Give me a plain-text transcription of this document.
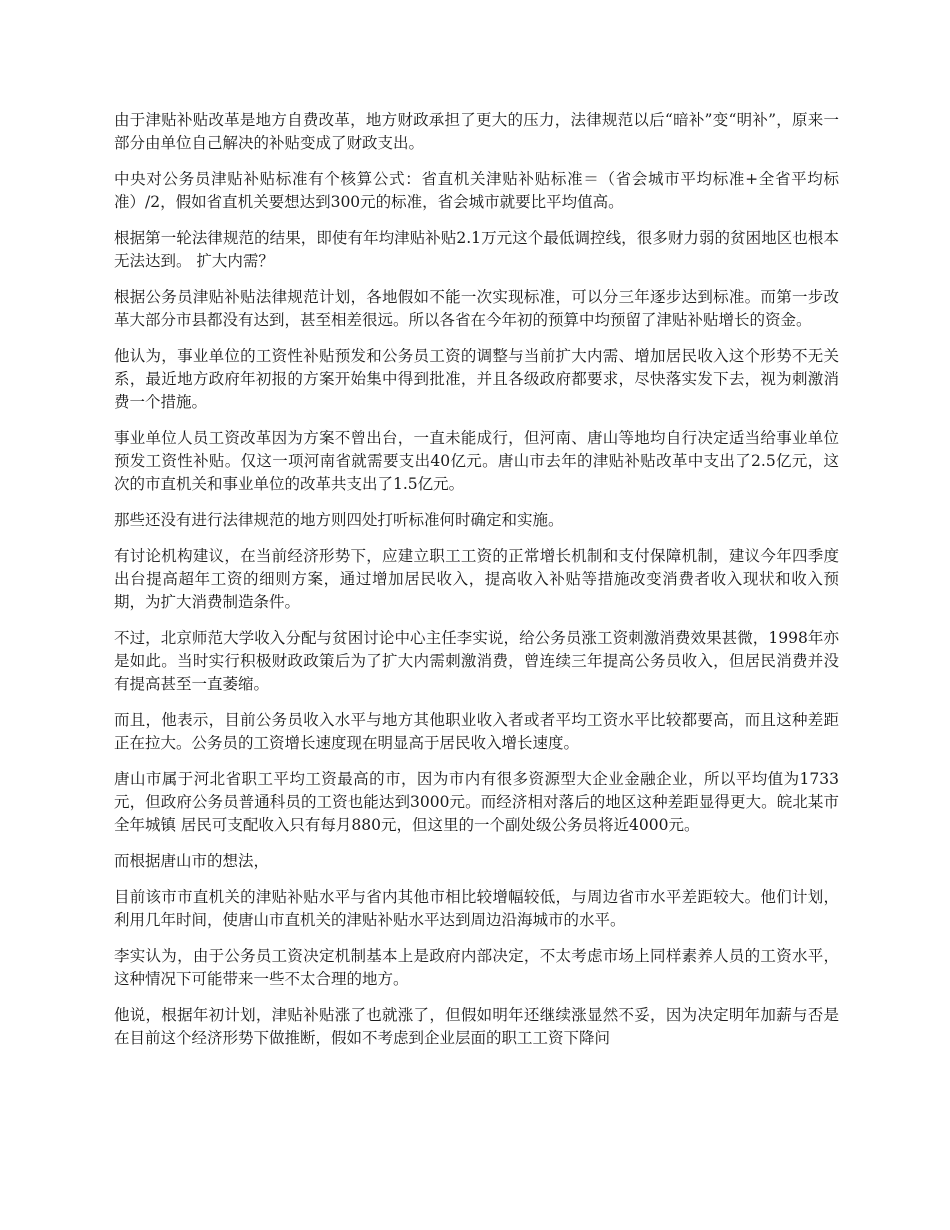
由于津贴补贴改革是地方自费改革，地方财政承担了更大的压力，法律规范以后“暗补”变“明补”，原来一部分由单位自己解决的补贴变成了财政支出。

中央对公务员津贴补贴标准有个核算公式：省直机关津贴补贴标准＝（省会城市平均标准+全省平均标准）/2，假如省直机关要想达到300元的标准，省会城市就要比平均值高。

根据第一轮法律规范的结果，即使有年均津贴补贴2.1万元这个最低调控线，很多财力弱的贫困地区也根本无法达到。 扩大内需？

根据公务员津贴补贴法律规范计划，各地假如不能一次实现标准，可以分三年逐步达到标准。而第一步改革大部分市县都没有达到，甚至相差很远。所以各省在今年初的预算中均预留了津贴补贴增长的资金。

他认为，事业单位的工资性补贴预发和公务员工资的调整与当前扩大内需、增加居民收入这个形势不无关系，最近地方政府年初报的方案开始集中得到批准，并且各级政府都要求，尽快落实发下去，视为刺激消费一个措施。

事业单位人员工资改革因为方案不曾出台，一直未能成行，但河南、唐山等地均自行决定适当给事业单位预发工资性补贴。仅这一项河南省就需要支出40亿元。唐山市去年的津贴补贴改革中支出了2.5亿元，这次的市直机关和事业单位的改革共支出了1.5亿元。

那些还没有进行法律规范的地方则四处打听标准何时确定和实施。

有讨论机构建议，在当前经济形势下，应建立职工工资的正常增长机制和支付保障机制，建议今年四季度出台提高超年工资的细则方案，通过增加居民收入，提高收入补贴等措施改变消费者收入现状和收入预期，为扩大消费制造条件。

不过，北京师范大学收入分配与贫困讨论中心主任李实说，给公务员涨工资刺激消费效果甚微，1998年亦是如此。当时实行积极财政政策后为了扩大内需刺激消费，曾连续三年提高公务员收入，但居民消费并没有提高甚至一直萎缩。

而且，他表示，目前公务员收入水平与地方其他职业收入者或者平均工资水平比较都要高，而且这种差距正在拉大。公务员的工资增长速度现在明显高于居民收入增长速度。

唐山市属于河北省职工平均工资最高的市，因为市内有很多资源型大企业金融企业，所以平均值为1733元，但政府公务员普通科员的工资也能达到3000元。而经济相对落后的地区这种差距显得更大。皖北某市全年城镇 居民可支配收入只有每月880元，但这里的一个副处级公务员将近4000元。

而根据唐山市的想法，

目前该市市直机关的津贴补贴水平与省内其他市相比较增幅较低，与周边省市水平差距较大。他们计划，利用几年时间，使唐山市直机关的津贴补贴水平达到周边沿海城市的水平。

李实认为，由于公务员工资决定机制基本上是政府内部决定，不太考虑市场上同样素养人员的工资水平，这种情况下可能带来一些不太合理的地方。

他说，根据年初计划，津贴补贴涨了也就涨了，但假如明年还继续涨显然不妥，因为决定明年加薪与否是在目前这个经济形势下做推断，假如不考虑到企业层面的职工工资下降问
